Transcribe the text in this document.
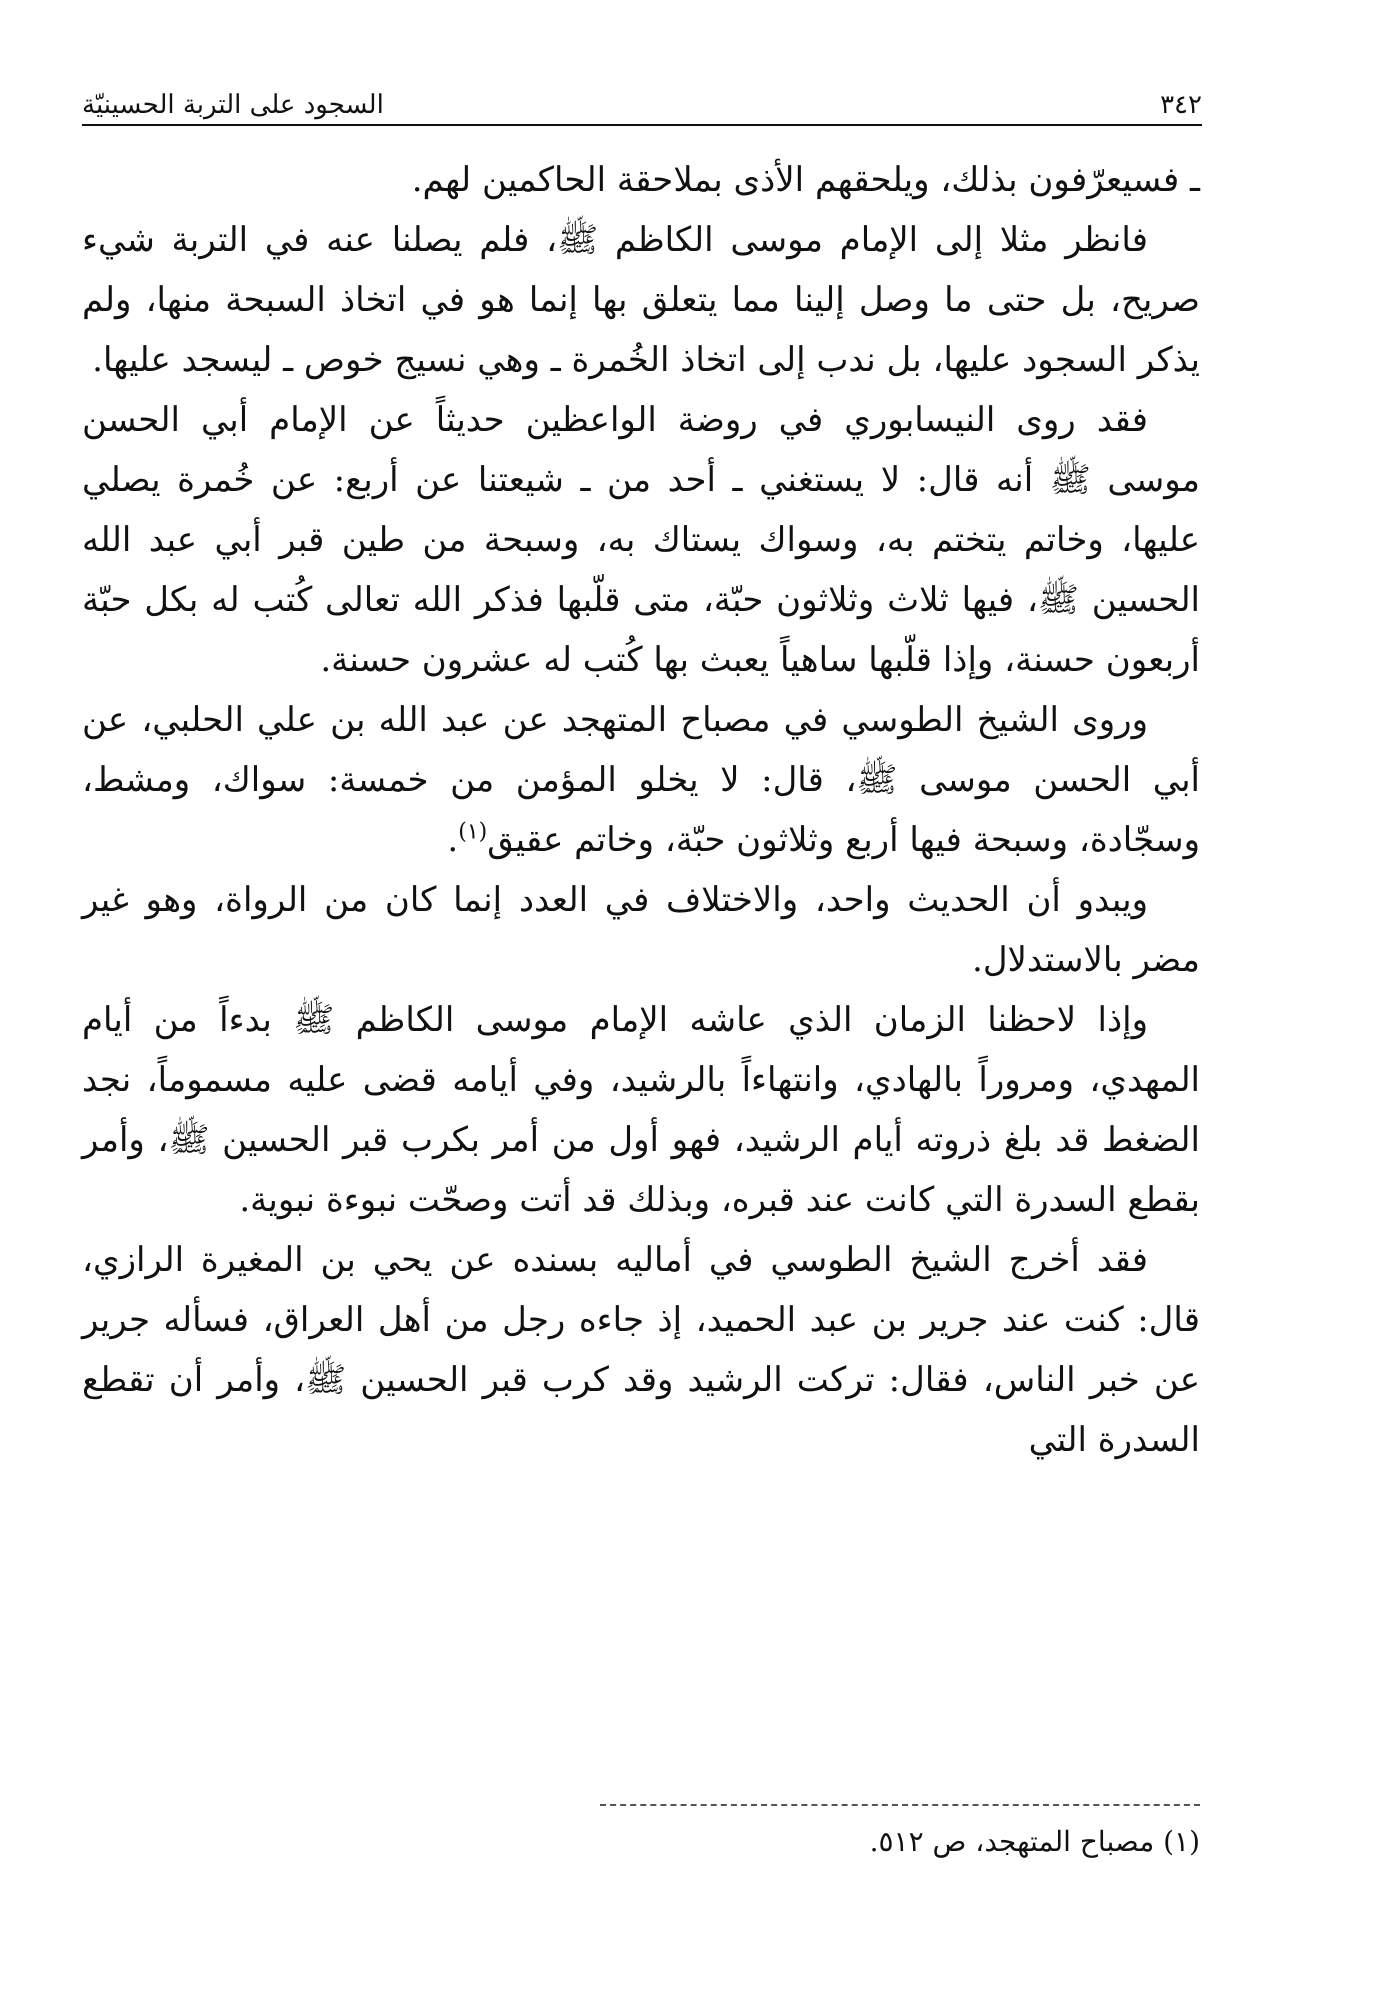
٣٤٢
السجود على التربة الحسينيّة

ـ فسيعرّفون بذلك، ويلحقهم الأذى بملاحقة الحاكمين لهم.

فانظر مثلا إلى الإمام موسى الكاظم ﷺ، فلم يصلنا عنه في التربة شيء صريح، بل حتى ما وصل إلينا مما يتعلق بها إنما هو في اتخاذ السبحة منها، ولم يذكر السجود عليها، بل ندب إلى اتخاذ الخُمرة ـ وهي نسيج خوص ـ ليسجد عليها.

فقد روى النيسابوري في روضة الواعظين حديثاً عن الإمام أبي الحسن موسى ﷺ أنه قال: لا يستغني ـ أحد من ـ شيعتنا عن أربع: عن خُمرة يصلي عليها، وخاتم يتختم به، وسواك يستاك به، وسبحة من طين قبر أبي عبد الله الحسين ﷺ، فيها ثلاث وثلاثون حبّة، متى قلّبها فذكر الله تعالى كُتب له بكل حبّة أربعون حسنة، وإذا قلّبها ساهياً يعبث بها كُتب له عشرون حسنة.

وروى الشيخ الطوسي في مصباح المتهجد عن عبد الله بن علي الحلبي، عن أبي الحسن موسى ﷺ، قال: لا يخلو المؤمن من خمسة: سواك، ومشط، وسجّادة، وسبحة فيها أربع وثلاثون حبّة، وخاتم عقيق$^{(١)}$.

ويبدو أن الحديث واحد، والاختلاف في العدد إنما كان من الرواة، وهو غير مضر بالاستدلال.

وإذا لاحظنا الزمان الذي عاشه الإمام موسى الكاظم ﷺ بدءاً من أيام المهدي، ومروراً بالهادي، وانتهاءاً بالرشيد، وفي أيامه قضى عليه مسموماً، نجد الضغط قد بلغ ذروته أيام الرشيد، فهو أول من أمر بكرب قبر الحسين ﷺ، وأمر بقطع السدرة التي كانت عند قبره، وبذلك قد أتت وصحّت نبوءة نبوية.

فقد أخرج الشيخ الطوسي في أماليه بسنده عن يحي بن المغيرة الرازي، قال: كنت عند جرير بن عبد الحميد، إذ جاءه رجل من أهل العراق، فسأله جرير عن خبر الناس، فقال: تركت الرشيد وقد كرب قبر الحسين ﷺ، وأمر أن تقطع السدرة التي

(١) مصباح المتهجد، ص ٥١٢.
